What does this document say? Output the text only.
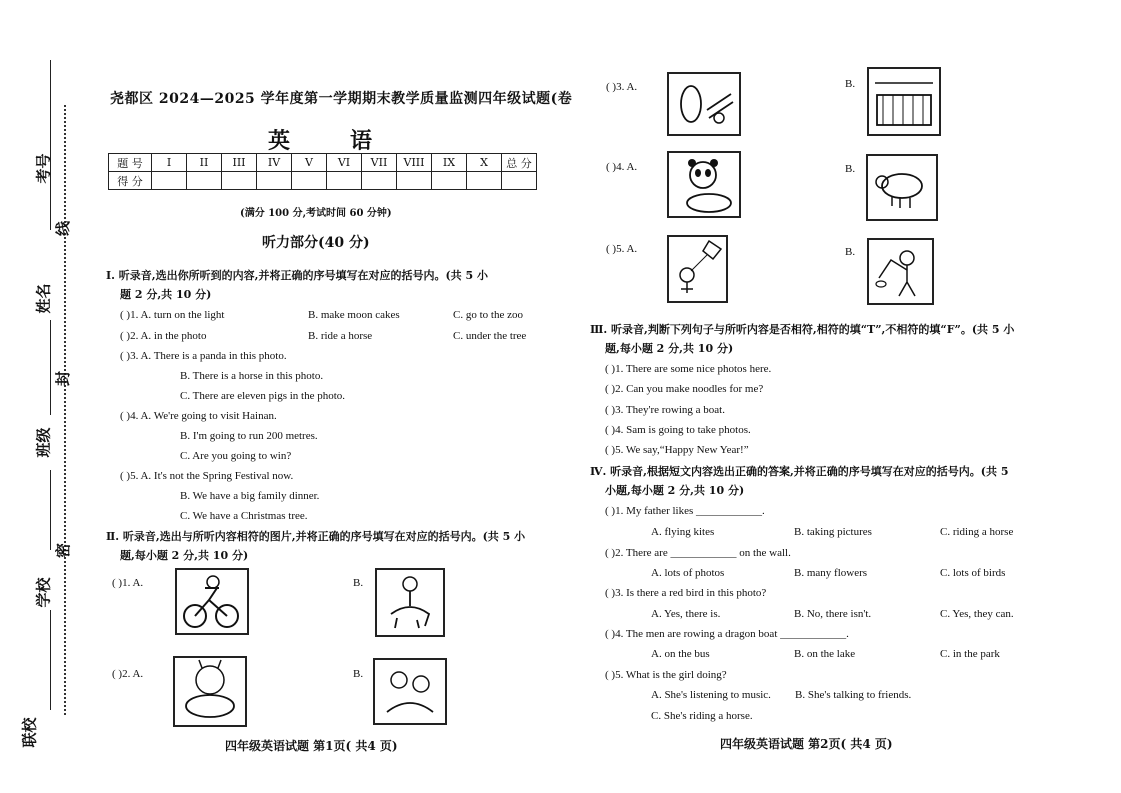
考号
线
姓名
封
班级
密
学校
联校
尧都区 2024—2025 学年度第一学期期末教学质量监测四年级试题(卷
英语
题 号	I	II	III	IV	V	VI	VII	VIII	IX	X	总 分
得 分											
(满分 100 分,考试时间 60 分钟)
听力部分(40 分)
Ⅰ. 听录音,选出你所听到的内容,并将正确的序号填写在对应的括号内。(共 5 小
题 2 分,共 10 分)
( )1. A. turn on the light	B. make moon cakes	C. go to the zoo
( )2. A. in the photo	B. ride a horse	C. under the tree
( )3. A. There is a panda in this photo.
B. There is a horse in this photo.
C. There are eleven pigs in the photo.
( )4. A. We're going to visit Hainan.
B. I'm going to run 200 metres.
C. Are you going to win?
( )5. A. It's not the Spring Festival now.
B. We have a big family dinner.
C. We have a Christmas tree.
Ⅱ. 听录音,选出与所听内容相符的图片,并将正确的序号填写在对应的括号内。(共 5 小
题,每小题 2 分,共 10 分)
( )1. A.	B.
( )2. A.	B.
四年级英语试题 第1页( 共4 页)
( )3. A.	B.
( )4. A.	B.
( )5. A.	B.
Ⅲ. 听录音,判断下列句子与所听内容是否相符,相符的填“T”,不相符的填“F”。(共 5 小
题,每小题 2 分,共 10 分)
( )1. There are some nice photos here.
( )2. Can you make noodles for me?
( )3. They're rowing a boat.
( )4. Sam is going to take photos.
( )5. We say,“Happy New Year!”
Ⅳ. 听录音,根据短文内容选出正确的答案,并将正确的序号填写在对应的括号内。(共 5
小题,每小题 2 分,共 10 分)
( )1. My father likes ____________.
A. flying kites	B. taking pictures	C. riding a horse
( )2. There are ____________ on the wall.
A. lots of photos	B. many flowers	C. lots of birds
( )3. Is there a red bird in this photo?
A. Yes, there is.	B. No, there isn't.	C. Yes, they can.
( )4. The men are rowing a dragon boat ____________.
A. on the bus	B. on the lake	C. in the park
( )5. What is the girl doing?
A. She's listening to music. B. She's talking to friends.
C. She's riding a horse.
四年级英语试题 第2页( 共4 页)
